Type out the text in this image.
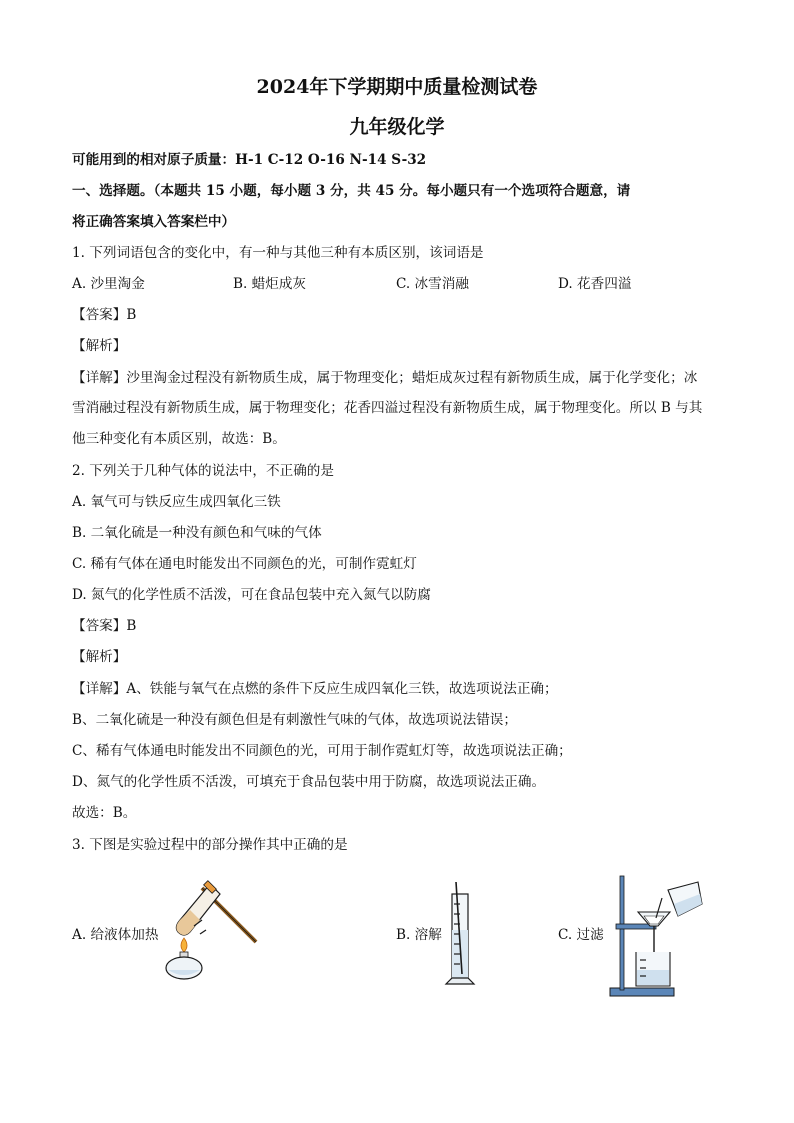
2024年下学期期中质量检测试卷
九年级化学
可能用到的相对原子质量：H-1 C-12 O-16 N-14 S-32
一、选择题。（本题共 15 小题，每小题 3 分，共 45 分。每小题只有一个选项符合题意，请
将正确答案填入答案栏中）
1. 下列词语包含的变化中，有一种与其他三种有本质区别，该词语是
A. 沙里淘金	B. 蜡炬成灰	C. 冰雪消融	D. 花香四溢
【答案】B
【解析】
【详解】沙里淘金过程没有新物质生成，属于物理变化；蜡炬成灰过程有新物质生成，属于化学变化；冰
雪消融过程没有新物质生成，属于物理变化；花香四溢过程没有新物质生成，属于物理变化。所以 B 与其
他三种变化有本质区别，故选：B。
2. 下列关于几种气体的说法中，不正确的是
A. 氧气可与铁反应生成四氧化三铁
B. 二氧化硫是一种没有颜色和气味的气体
C. 稀有气体在通电时能发出不同颜色的光，可制作霓虹灯
D. 氮气的化学性质不活泼，可在食品包装中充入氮气以防腐
【答案】B
【解析】
【详解】A、铁能与氧气在点燃的条件下反应生成四氧化三铁，故选项说法正确；
B、二氧化硫是一种没有颜色但是有刺激性气味的气体，故选项说法错误；
C、稀有气体通电时能发出不同颜色的光，可用于制作霓虹灯等，故选项说法正确；
D、氮气的化学性质不活泼，可填充于食品包装中用于防腐，故选项说法正确。
故选：B。
3. 下图是实验过程中的部分操作其中正确的是
A. 给液体加热	B. 溶解	C. 过滤
